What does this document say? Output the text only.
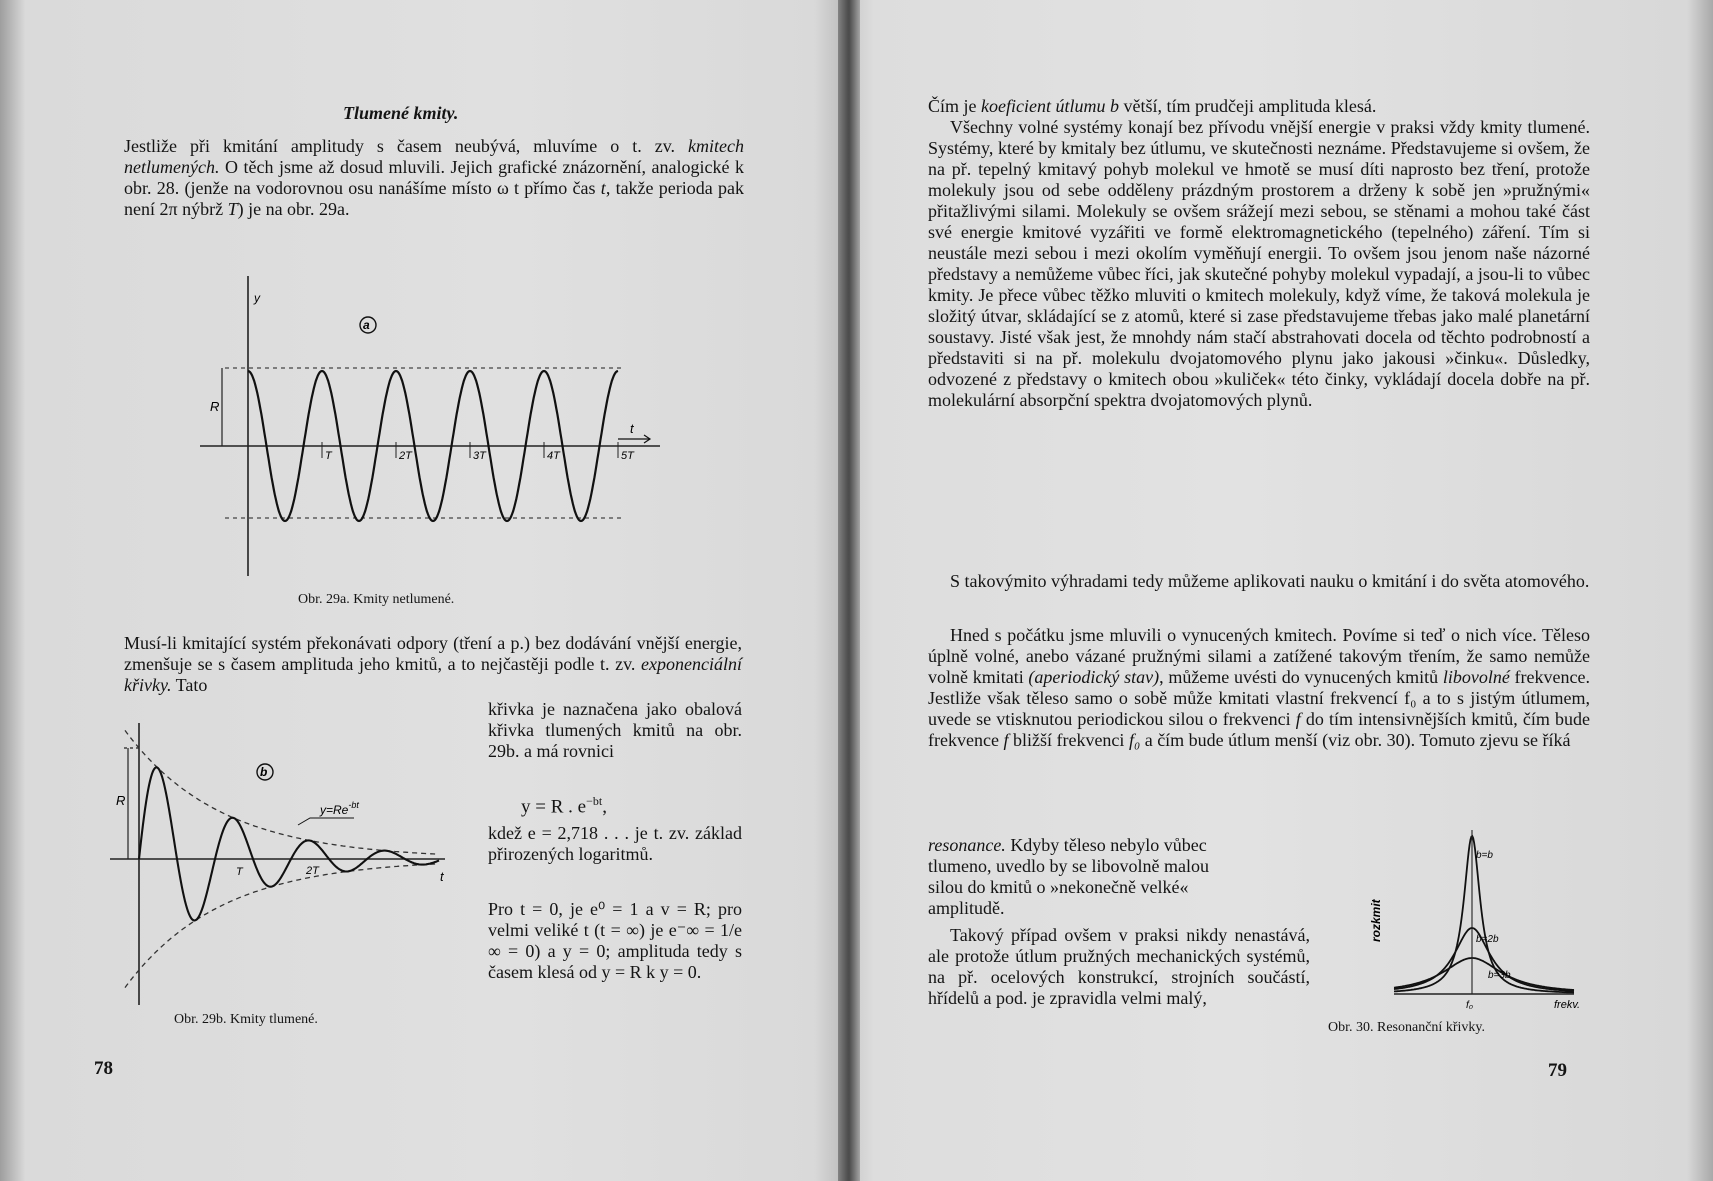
Tlumené kmity.

Jestliže při kmitání amplitudy s časem neubývá, mluvíme o t. zv. kmitech netlumených. O těch jsme až dosud mluvili. Jejich grafické znázornění, analogické k obr. 28. (jenže na vodorovnou osu nanášíme místo ω t přímo čas t, takže perioda pak není 2π nýbrž T) je na obr. 29a.

T	2T	3T	4T	5T
y
a
R
t
Obr. 29a. Kmity netlumené.

Musí-li kmitající systém překonávati odpory (tření a p.) bez dodávání vnější energie, zmenšuje se s časem amplituda jeho kmitů, a to nejčastěji podle t. zv. exponenciální křivky. Tato

křivka je naznačena jako obalová křivka tlumených kmitů na obr. 29b. a má rovnici

y = R . $e^{-bt}$,

kdež e = 2,718 . . . je t. zv. základ přirozených logaritmů.

Pro t = 0, je e⁰ = 1 a v = R; pro velmi veliké t (t = ∞) je e⁻∞ = 1/e ∞ = 0) a y = 0; amplituda tedy s časem klesá od y = R k y = 0.

b
R
$y=Re^{-bt}$
T	2T	t
Obr. 29b. Kmity tlumené.
78

Čím je koeficient útlumu b větší, tím prudčeji amplituda klesá.

Všechny volné systémy konají bez přívodu vnější energie v praksi vždy kmity tlumené. Systémy, které by kmitaly bez útlumu, ve skutečnosti neznáme. Představujeme si ovšem, že na př. tepelný kmitavý pohyb molekul ve hmotě se musí díti naprosto bez tření, protože molekuly jsou od sebe odděleny prázdným prostorem a drženy k sobě jen »pružnými« přitažlivými silami. Molekuly se ovšem srážejí mezi sebou, se stěnami a mohou také část své energie kmitové vyzářiti ve formě elektromagnetického (tepelného) záření. Tím si neustále mezi sebou i mezi okolím vyměňují energii. To ovšem jsou jenom naše názorné představy a nemůžeme vůbec říci, jak skutečné pohyby molekul vypadají, a jsou-li to vůbec kmity. Je přece vůbec těžko mluviti o kmitech molekuly, když víme, že taková molekula je složitý útvar, skládající se z atomů, které si zase představujeme třebas jako malé planetární soustavy. Jisté však jest, že mnohdy nám stačí abstrahovati docela od těchto podrobností a představiti si na př. molekulu dvojatomového plynu jako jakousi »činku«. Důsledky, odvozené z představy o kmitech obou »kuliček« této činky, vykládají docela dobře na př. molekulární absorpční spektra dvojatomových plynů.

S takovýmito výhradami tedy můžeme aplikovati nauku o kmitání i do světa atomového.

Hned s počátku jsme mluvili o vynucených kmitech. Povíme si teď o nich více. Těleso úplně volné, anebo vázané pružnými silami a zatížené takovým třením, že samo nemůže volně kmitati (aperiodický stav), můžeme uvésti do vynucených kmitů libovolné frekvence. Jestliže však těleso samo o sobě může kmitati vlastní frekvencí f₀ a to s jistým útlumem, uvede se vtisknutou periodickou silou o frekvenci f do tím intensivnějších kmitů, čím bude frekvence f bližší frekvenci f₀ a čím bude útlum menší (viz obr. 30). Tomuto zjevu se říká

resonance. Kdyby těleso nebylo vůbec tlumeno, uvedlo by se libovolně malou silou do kmitů o »nekonečně velké« amplitudě.

Takový případ ovšem v praksi nikdy nenastává, ale protože útlum pružných mechanických systémů, na př. ocelových konstrukcí, strojních součástí, hřídelů a pod. je zpravidla velmi malý,

rozkmit
b=b
b=2b
b=3b
f₀	frekv.
Obr. 30. Resonanční křivky.
79
